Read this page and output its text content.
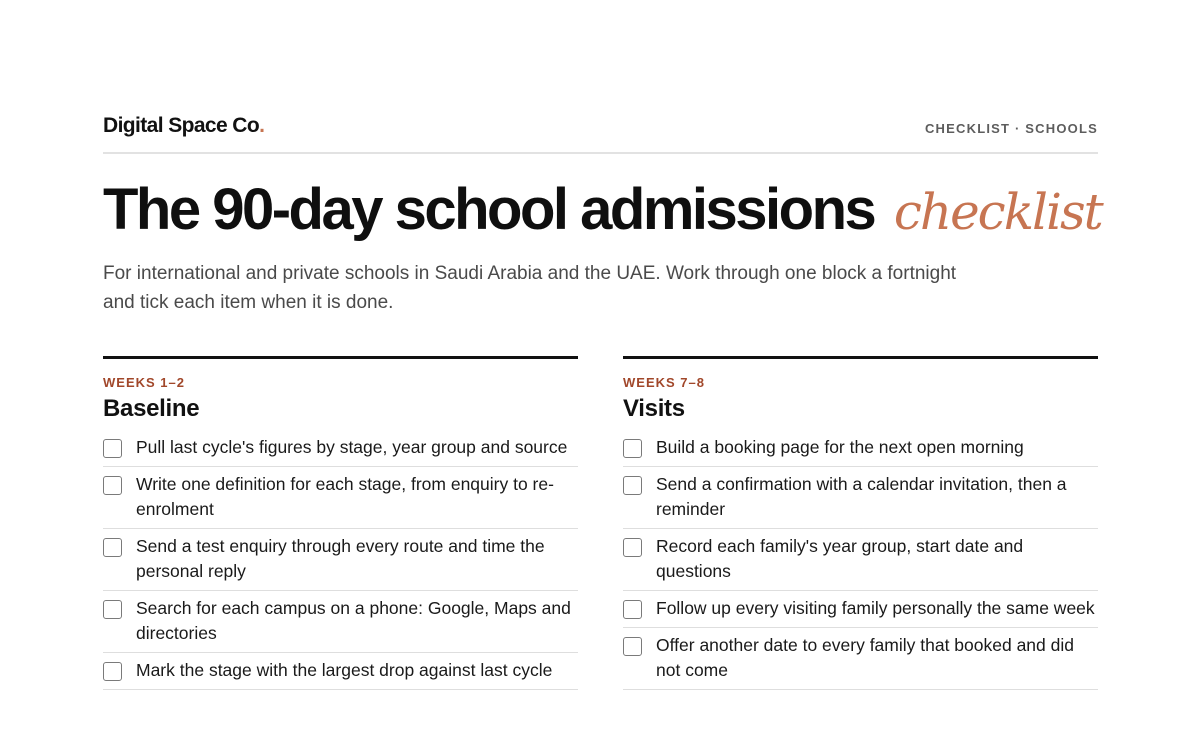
Digital Space Co.	CHECKLIST · SCHOOLS
The 90-day school admissions checklist

For international and private schools in Saudi Arabia and the UAE. Work through one block a fortnight and tick each item when it is done.

WEEKS 1–2
Baseline
Pull last cycle's figures by stage, year group and source
Write one definition for each stage, from enquiry to re-enrolment
Send a test enquiry through every route and time the personal reply
Search for each campus on a phone: Google, Maps and directories
Mark the stage with the largest drop against last cycle
WEEKS 7–8
Visits
Build a booking page for the next open morning
Send a confirmation with a calendar invitation, then a reminder
Record each family's year group, start date and questions
Follow up every visiting family personally the same week
Offer another date to every family that booked and did not come
